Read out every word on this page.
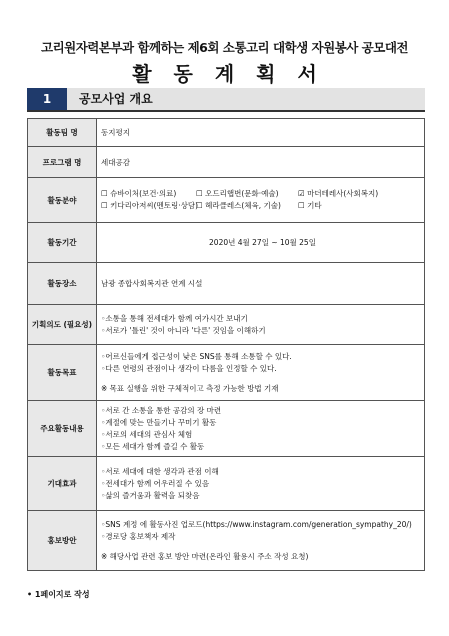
고리원자력본부과 함께하는 제6회 소통고리 대학생 자원봉사 공모대전
활동계획서
1	공모사업 개요
활동팀 명	동지평지
프로그램 명	세대공감
활동분야	☐ 슈바이처(보건·의료) ☐ 오드리햅번(문화·예술) ☑ 마더테레사(사회복지)
☐ 키다리아저씨(멘토링·상담)☐ 헤라클레스(체육, 기술) ☐ 기타

활동기간	2020년 4월 27일 ~ 10월 25일
활동장소	남광 종합사회복지관 연계 시설
기획의도 (필요성)	◦소통을 통해 전세대가 함께 여가시간 보내기
◦서로가 '틀린' 것이 아니라 '다른' 것임을 이해하기

활동목표	◦어르신들에게 접근성이 낮은 SNS를 통해 소통할 수 있다.
◦다른 연령의 관점이나 생각이 다름을 인정할 수 있다.
※ 목표 실행을 위한 구체적이고 측정 가능한 방법 기재

주요활동내용	◦서로 간 소통을 통한 공감의 장 마련
◦계절에 맞는 만들기나 꾸미기 활동
◦서로의 세대의 관심사 체험
◦모든 세대가 함께 즐길 수 활동

기대효과	◦서로 세대에 대한 생각과 관점 이해
◦전세대가 함께 어우러질 수 있음
◦삶의 즐거움과 활력을 되찾음

홍보방안	◦SNS 계정 에 활동사진 업로드(https://www.instagram.com/generation_sympathy_20/)
◦경로당 홍보책자 제작
※ 해당사업 관련 홍보 방안 마련(온라인 활용시 주소 작성 요청)
• 1페이지로 작성
